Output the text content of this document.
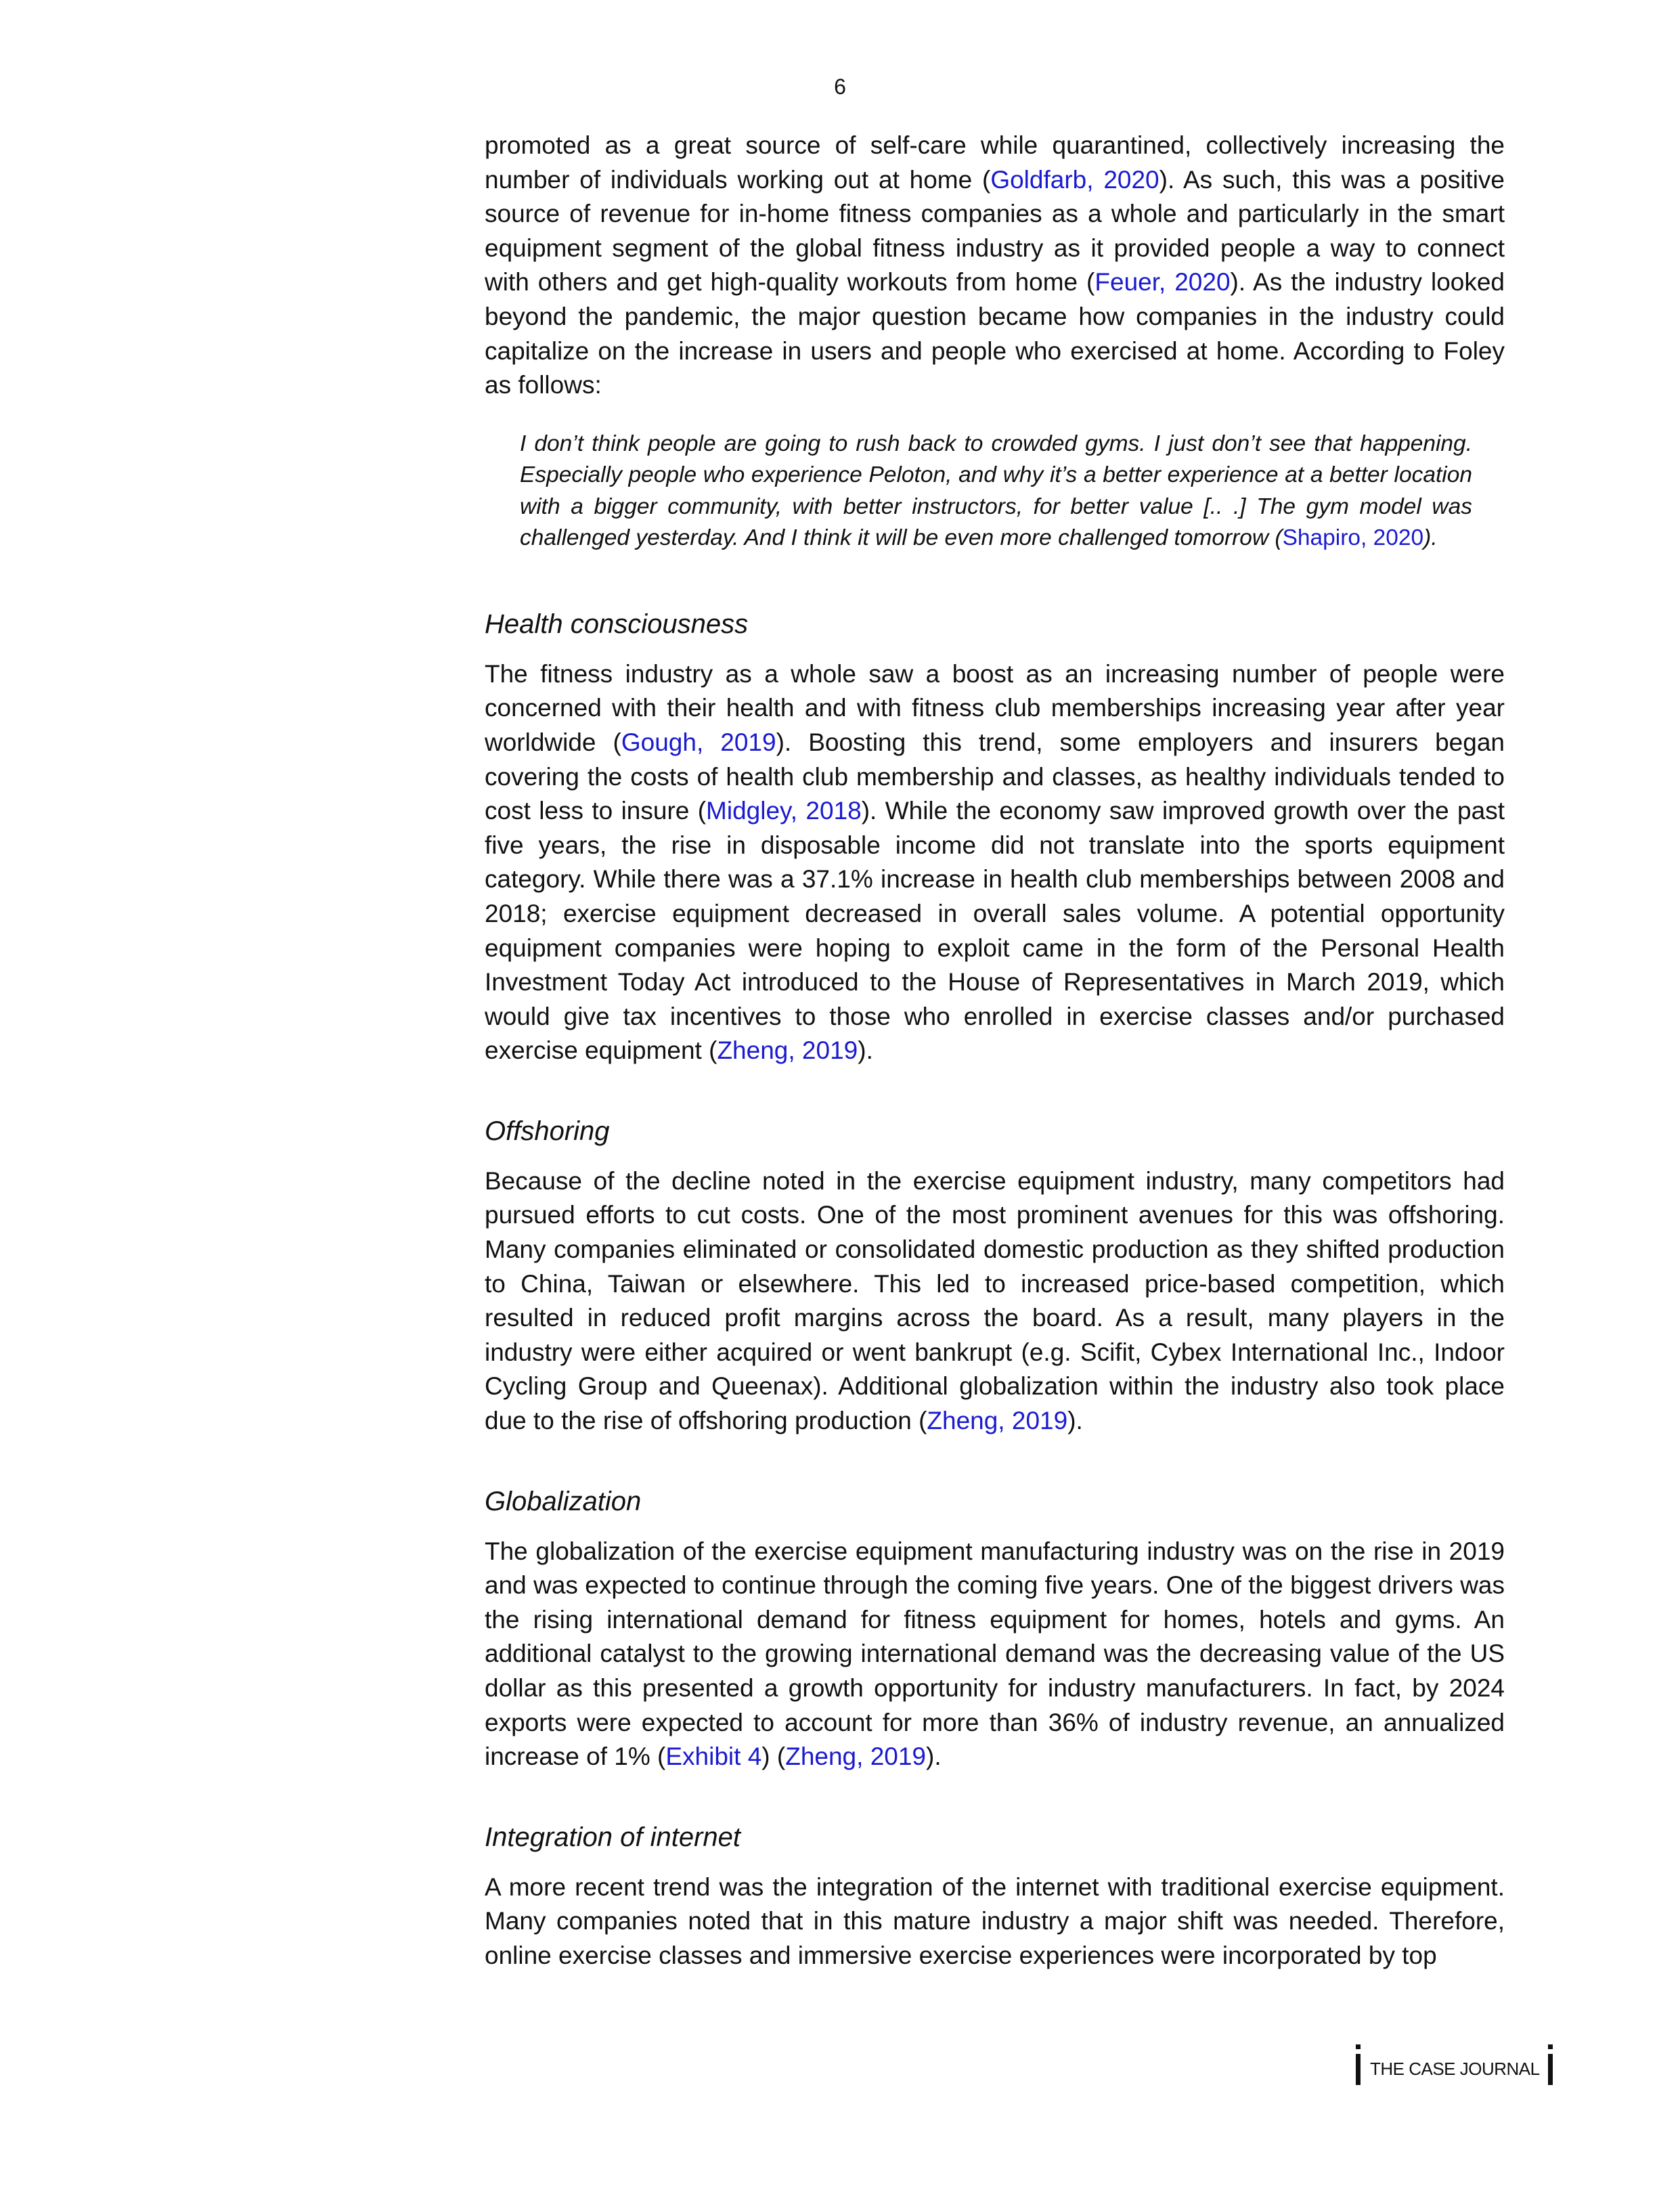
6

promoted as a great source of self-care while quarantined, collectively increasing the number of individuals working out at home (Goldfarb, 2020). As such, this was a positive source of revenue for in-home fitness companies as a whole and particularly in the smart equipment segment of the global fitness industry as it provided people a way to connect with others and get high-quality workouts from home (Feuer, 2020). As the industry looked beyond the pandemic, the major question became how companies in the industry could capitalize on the increase in users and people who exercised at home. According to Foley as follows:

I don’t think people are going to rush back to crowded gyms. I just don’t see that happening. Especially people who experience Peloton, and why it’s a better experience at a better location with a bigger community, with better instructors, for better value [.. .] The gym model was challenged yesterday. And I think it will be even more challenged tomorrow (Shapiro, 2020).
Health consciousness

The fitness industry as a whole saw a boost as an increasing number of people were concerned with their health and with fitness club memberships increasing year after year worldwide (Gough, 2019). Boosting this trend, some employers and insurers began covering the costs of health club membership and classes, as healthy individuals tended to cost less to insure (Midgley, 2018). While the economy saw improved growth over the past five years, the rise in disposable income did not translate into the sports equipment category. While there was a 37.1% increase in health club memberships between 2008 and 2018; exercise equipment decreased in overall sales volume. A potential opportunity equipment companies were hoping to exploit came in the form of the Personal Health Investment Today Act introduced to the House of Representatives in March 2019, which would give tax incentives to those who enrolled in exercise classes and/or purchased exercise equipment (Zheng, 2019).

Offshoring

Because of the decline noted in the exercise equipment industry, many competitors had pursued efforts to cut costs. One of the most prominent avenues for this was offshoring. Many companies eliminated or consolidated domestic production as they shifted production to China, Taiwan or elsewhere. This led to increased price-based competition, which resulted in reduced profit margins across the board. As a result, many players in the industry were either acquired or went bankrupt (e.g. Scifit, Cybex International Inc., Indoor Cycling Group and Queenax). Additional globalization within the industry also took place due to the rise of offshoring production (Zheng, 2019).

Globalization

The globalization of the exercise equipment manufacturing industry was on the rise in 2019 and was expected to continue through the coming five years. One of the biggest drivers was the rising international demand for fitness equipment for homes, hotels and gyms. An additional catalyst to the growing international demand was the decreasing value of the US dollar as this presented a growth opportunity for industry manufacturers. In fact, by 2024 exports were expected to account for more than 36% of industry revenue, an annualized increase of 1% (Exhibit 4) (Zheng, 2019).

Integration of internet

A more recent trend was the integration of the internet with traditional exercise equipment. Many companies noted that in this mature industry a major shift was needed. Therefore, online exercise classes and immersive exercise experiences were incorporated by top

THE CASE JOURNAL
